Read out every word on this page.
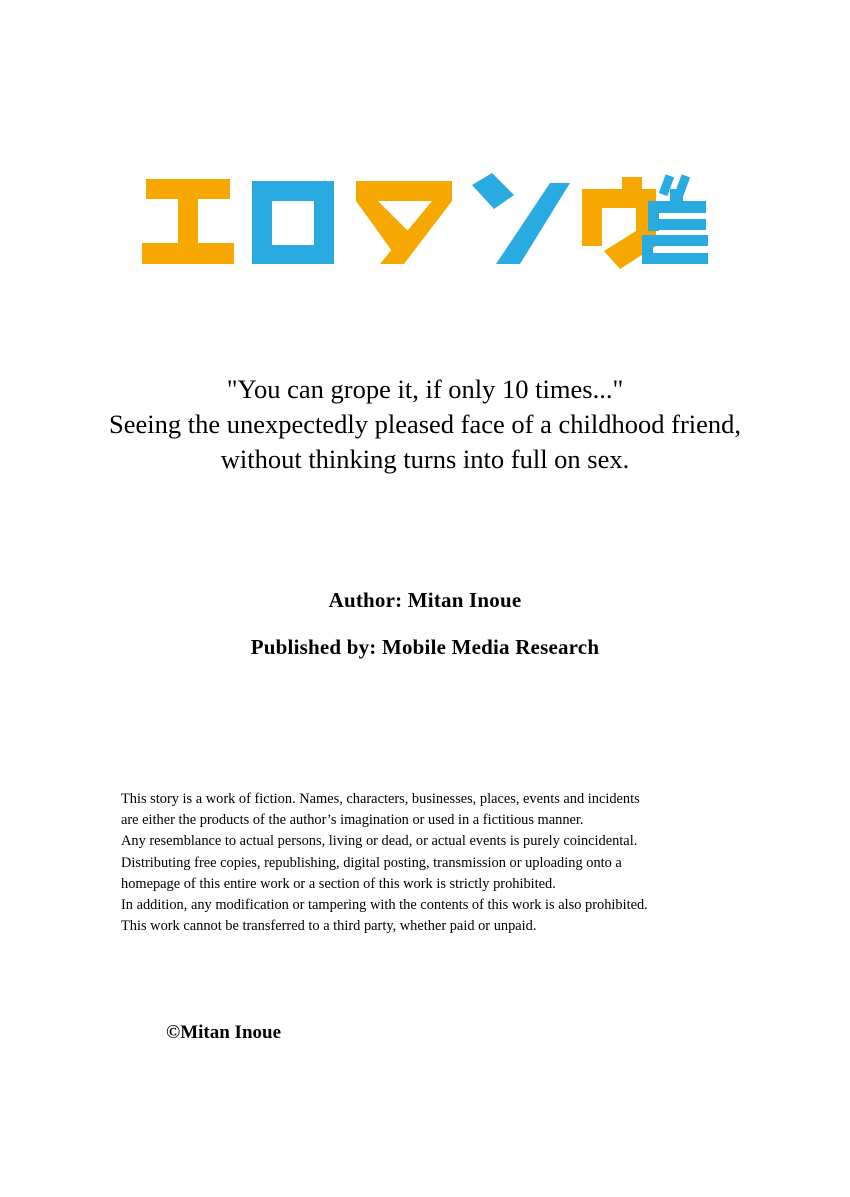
"You can grope it, if only 10 times..."
Seeing the unexpectedly pleased face of a childhood friend,
without thinking turns into full on sex.
Author: Mitan Inoue
Published by: Mobile Media Research
This story is a work of fiction. Names, characters, businesses, places, events and incidents
are either the products of the author’s imagination or used in a fictitious manner.
Any resemblance to actual persons, living or dead, or actual events is purely coincidental.
Distributing free copies, republishing, digital posting, transmission or uploading onto a
homepage of this entire work or a section of this work is strictly prohibited.
In addition, any modification or tampering with the contents of this work is also prohibited.
This work cannot be transferred to a third party, whether paid or unpaid.
©Mitan Inoue
